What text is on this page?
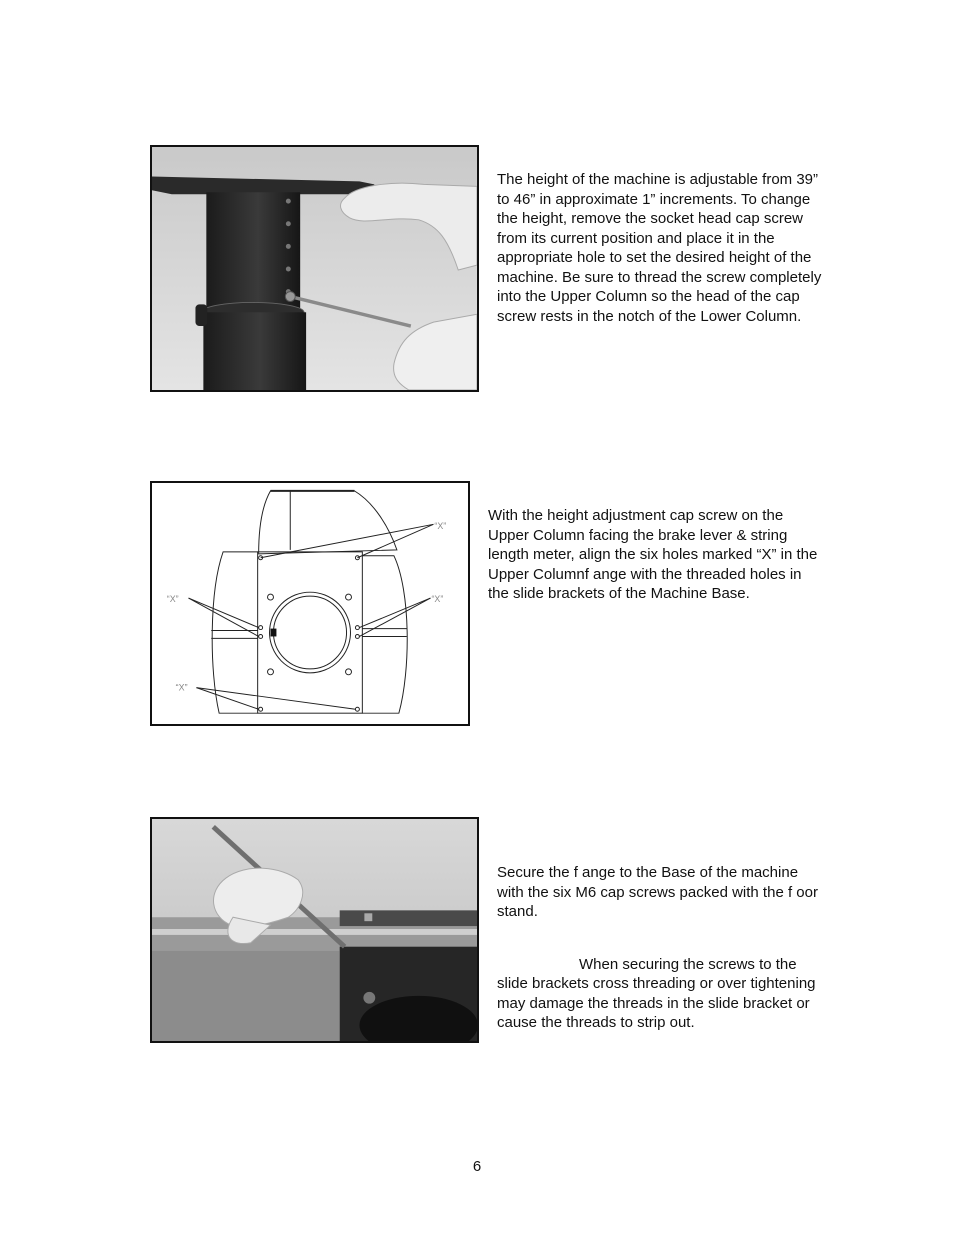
The height of the machine is adjustable from 39” to 46” in approximate 1” increments. To change the height, remove the socket head cap screw from its current position and place it in the appropriate hole to set the desired height of the machine. Be sure to thread the screw completely into the Upper Column so the head of the cap screw rests in the notch of the Lower Column.

“X”
“X”	“X”
“X”

With the height adjustment cap screw on the Upper Column facing the brake lever & string length meter, align the six holes marked “X” in the Upper Columnf ange with the threaded holes in the slide brackets of the Machine Base.

Secure the f ange to the Base of the machine with the six M6 cap screws packed with the f oor stand.

When securing the screws to the slide brackets cross threading or over tightening may damage the threads in the slide bracket or cause the threads to strip out.

6
